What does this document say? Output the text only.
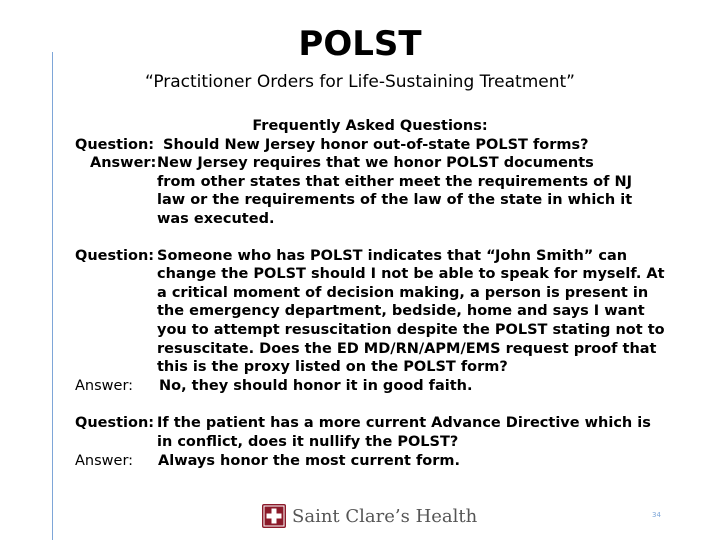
POLST
“Practitioner Orders for Life-Sustaining Treatment”
Frequently Asked Questions:
Question: Should New Jersey honor out-of-state POLST forms?
Answer: New Jersey requires that we honor POLST documents from other states that either meet the requirements of NJ law or the requirements of the law of the state in which it was executed.
Question: Someone who has POLST indicates that “John Smith” can change the POLST should I not be able to speak for myself. At a critical moment of decision making, a person is present in the emergency department, bedside, home and says I want you to attempt resuscitation despite the POLST stating not to resuscitate. Does the ED MD/RN/APM/EMS request proof that this is the proxy listed on the POLST form?
Answer:	No, they should honor it in good faith.
Question: If the patient has a more current Advance Directive which is in conflict, does it nullify the POLST?
Answer:	Always honor the most current form.
Saint Clare’s Health	34
